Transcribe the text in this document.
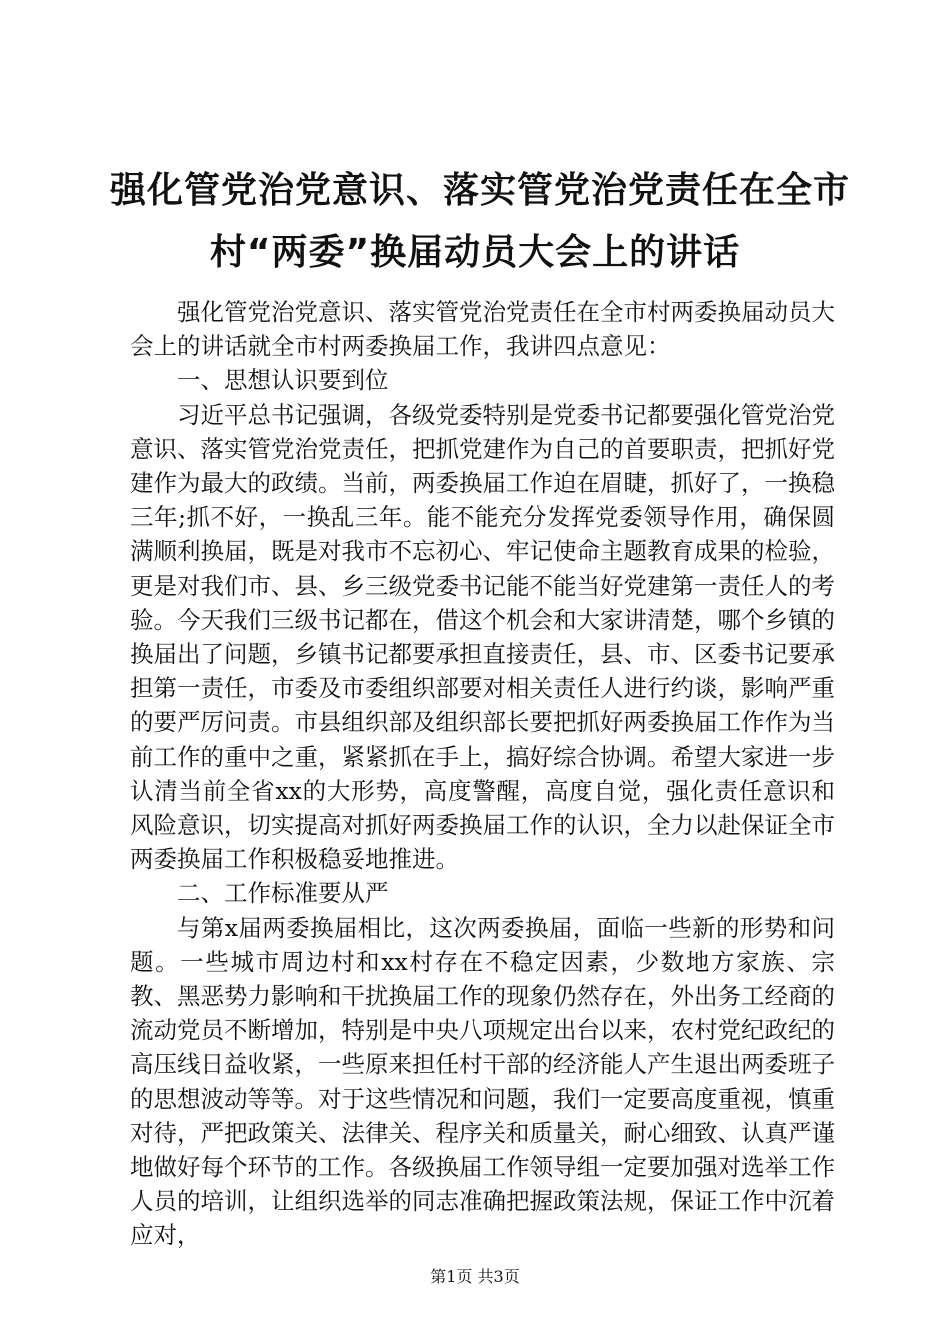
强化管党治党意识、落实管党治党责任在全市
村“两委”换届动员大会上的讲话

强化管党治党意识、落实管党治党责任在全市村两委换届动员大会上的讲话就全市村两委换届工作，我讲四点意见：

一、思想认识要到位

习近平总书记强调，各级党委特别是党委书记都要强化管党治党意识、落实管党治党责任，把抓党建作为自己的首要职责，把抓好党建作为最大的政绩。当前，两委换届工作迫在眉睫，抓好了，一换稳三年;抓不好，一换乱三年。能不能充分发挥党委领导作用，确保圆满顺利换届，既是对我市不忘初心、牢记使命主题教育成果的检验，更是对我们市、县、乡三级党委书记能不能当好党建第一责任人的考验。今天我们三级书记都在，借这个机会和大家讲清楚，哪个乡镇的换届出了问题，乡镇书记都要承担直接责任，县、市、区委书记要承担第一责任，市委及市委组织部要对相关责任人进行约谈，影响严重的要严厉问责。市县组织部及组织部长要把抓好两委换届工作作为当前工作的重中之重，紧紧抓在手上，搞好综合协调。希望大家进一步认清当前全省xx的大形势，高度警醒，高度自觉，强化责任意识和风险意识，切实提高对抓好两委换届工作的认识，全力以赴保证全市两委换届工作积极稳妥地推进。

二、工作标准要从严

与第x届两委换届相比，这次两委换届，面临一些新的形势和问题。一些城市周边村和xx村存在不稳定因素，少数地方家族、宗教、黑恶势力影响和干扰换届工作的现象仍然存在，外出务工经商的流动党员不断增加，特别是中央八项规定出台以来，农村党纪政纪的高压线日益收紧，一些原来担任村干部的经济能人产生退出两委班子的思想波动等等。对于这些情况和问题，我们一定要高度重视，慎重对待，严把政策关、法律关、程序关和质量关，耐心细致、认真严谨地做好每个环节的工作。各级换届工作领导组一定要加强对选举工作人员的培训，让组织选举的同志准确把握政策法规，保证工作中沉着应对，

第1页 共3页
